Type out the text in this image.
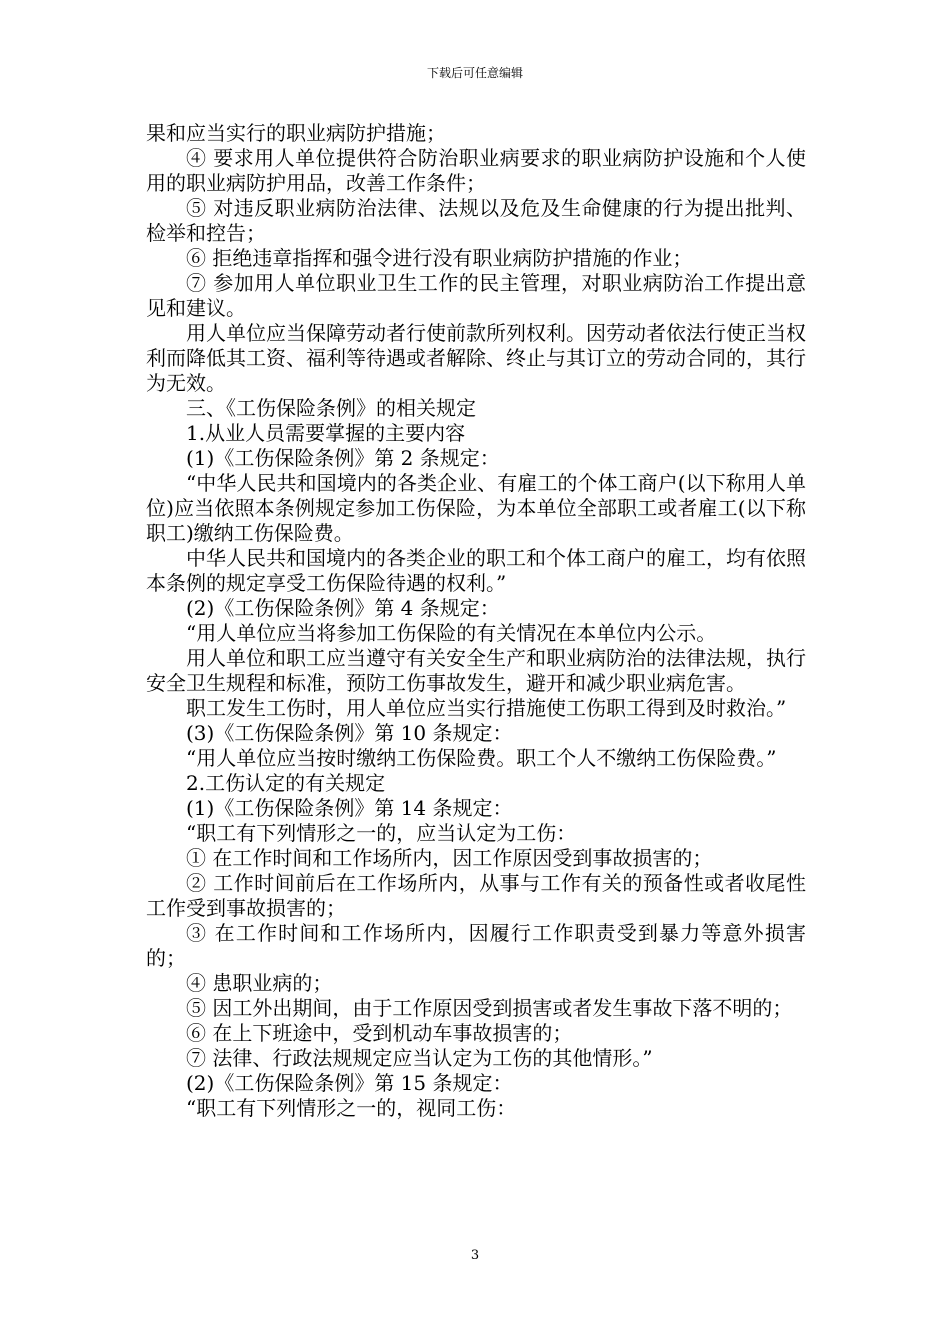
下载后可任意编辑

果和应当实行的职业病防护措施；

④ 要求用人单位提供符合防治职业病要求的职业病防护设施和个人使用的职业病防护用品，改善工作条件；

⑤ 对违反职业病防治法律、法规以及危及生命健康的行为提出批判、检举和控告；

⑥ 拒绝违章指挥和强令进行没有职业病防护措施的作业；

⑦ 参加用人单位职业卫生工作的民主管理，对职业病防治工作提出意见和建议。

用人单位应当保障劳动者行使前款所列权利。因劳动者依法行使正当权利而降低其工资、福利等待遇或者解除、终止与其订立的劳动合同的，其行为无效。

三、《工伤保险条例》的相关规定

1.从业人员需要掌握的主要内容

(1)《工伤保险条例》第 2 条规定：

“中华人民共和国境内的各类企业、有雇工的个体工商户(以下称用人单位)应当依照本条例规定参加工伤保险，为本单位全部职工或者雇工(以下称职工)缴纳工伤保险费。

中华人民共和国境内的各类企业的职工和个体工商户的雇工，均有依照本条例的规定享受工伤保险待遇的权利。”

(2)《工伤保险条例》第 4 条规定：

“用人单位应当将参加工伤保险的有关情况在本单位内公示。

用人单位和职工应当遵守有关安全生产和职业病防治的法律法规，执行安全卫生规程和标准，预防工伤事故发生，避开和减少职业病危害。

职工发生工伤时，用人单位应当实行措施使工伤职工得到及时救治。”

(3)《工伤保险条例》第 10 条规定：

“用人单位应当按时缴纳工伤保险费。职工个人不缴纳工伤保险费。”

2.工伤认定的有关规定

(1)《工伤保险条例》第 14 条规定：

“职工有下列情形之一的，应当认定为工伤：

① 在工作时间和工作场所内，因工作原因受到事故损害的；

② 工作时间前后在工作场所内，从事与工作有关的预备性或者收尾性工作受到事故损害的；

③ 在工作时间和工作场所内，因履行工作职责受到暴力等意外损害的；

④ 患职业病的；

⑤ 因工外出期间，由于工作原因受到损害或者发生事故下落不明的；

⑥ 在上下班途中，受到机动车事故损害的；

⑦ 法律、行政法规规定应当认定为工伤的其他情形。”

(2)《工伤保险条例》第 15 条规定：

“职工有下列情形之一的，视同工伤：

3
